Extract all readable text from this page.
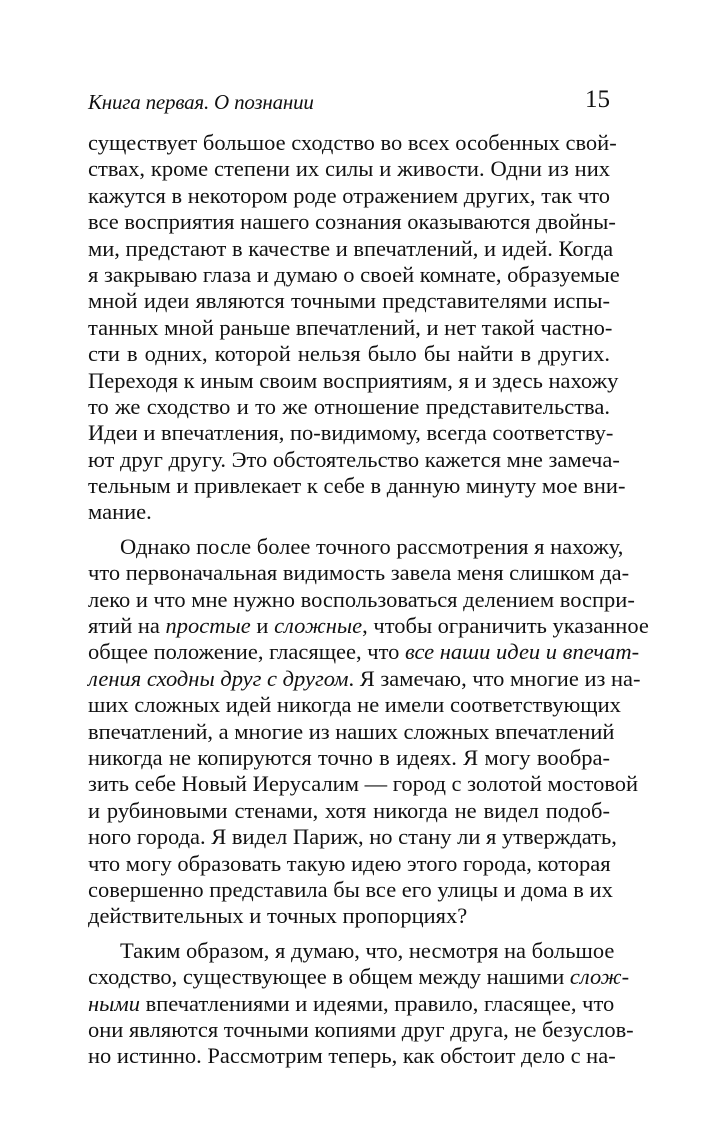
Книга первая. О познании	15
существует большое сходство во всех особенных свой-
ствах, кроме степени их силы и живости. Одни из них
кажутся в некотором роде отражением других, так что
все восприятия нашего сознания оказываются двойны-
ми, предстают в качестве и впечатлений, и идей. Когда
я закрываю глаза и думаю о своей комнате, образуемые
мной идеи являются точными представителями испы-
танных мной раньше впечатлений, и нет такой частно-
сти в одних, которой нельзя было бы найти в других.
Переходя к иным своим восприятиям, я и здесь нахожу
то же сходство и то же отношение представительства.
Идеи и впечатления, по-видимому, всегда соответству-
ют друг другу. Это обстоятельство кажется мне замеча-
тельным и привлекает к себе в данную минуту мое вни-
мание.
Однако после более точного рассмотрения я нахожу,
что первоначальная видимость завела меня слишком да-
леко и что мне нужно воспользоваться делением воспри-
ятий на простые и сложные, чтобы ограничить указанное
общее положение, гласящее, что все наши идеи и впечат-
ления сходны друг с другом. Я замечаю, что многие из на-
ших сложных идей никогда не имели соответствующих
впечатлений, а многие из наших сложных впечатлений
никогда не копируются точно в идеях. Я могу вообра-
зить себе Новый Иерусалим — город с золотой мостовой
и рубиновыми стенами, хотя никогда не видел подоб-
ного города. Я видел Париж, но стану ли я утверждать,
что могу образовать такую идею этого города, которая
совершенно представила бы все его улицы и дома в их
действительных и точных пропорциях?
Таким образом, я думаю, что, несмотря на большое
сходство, существующее в общем между нашими слож-
ными впечатлениями и идеями, правило, гласящее, что
они являются точными копиями друг друга, не безуслов-
но истинно. Рассмотрим теперь, как обстоит дело с на-
